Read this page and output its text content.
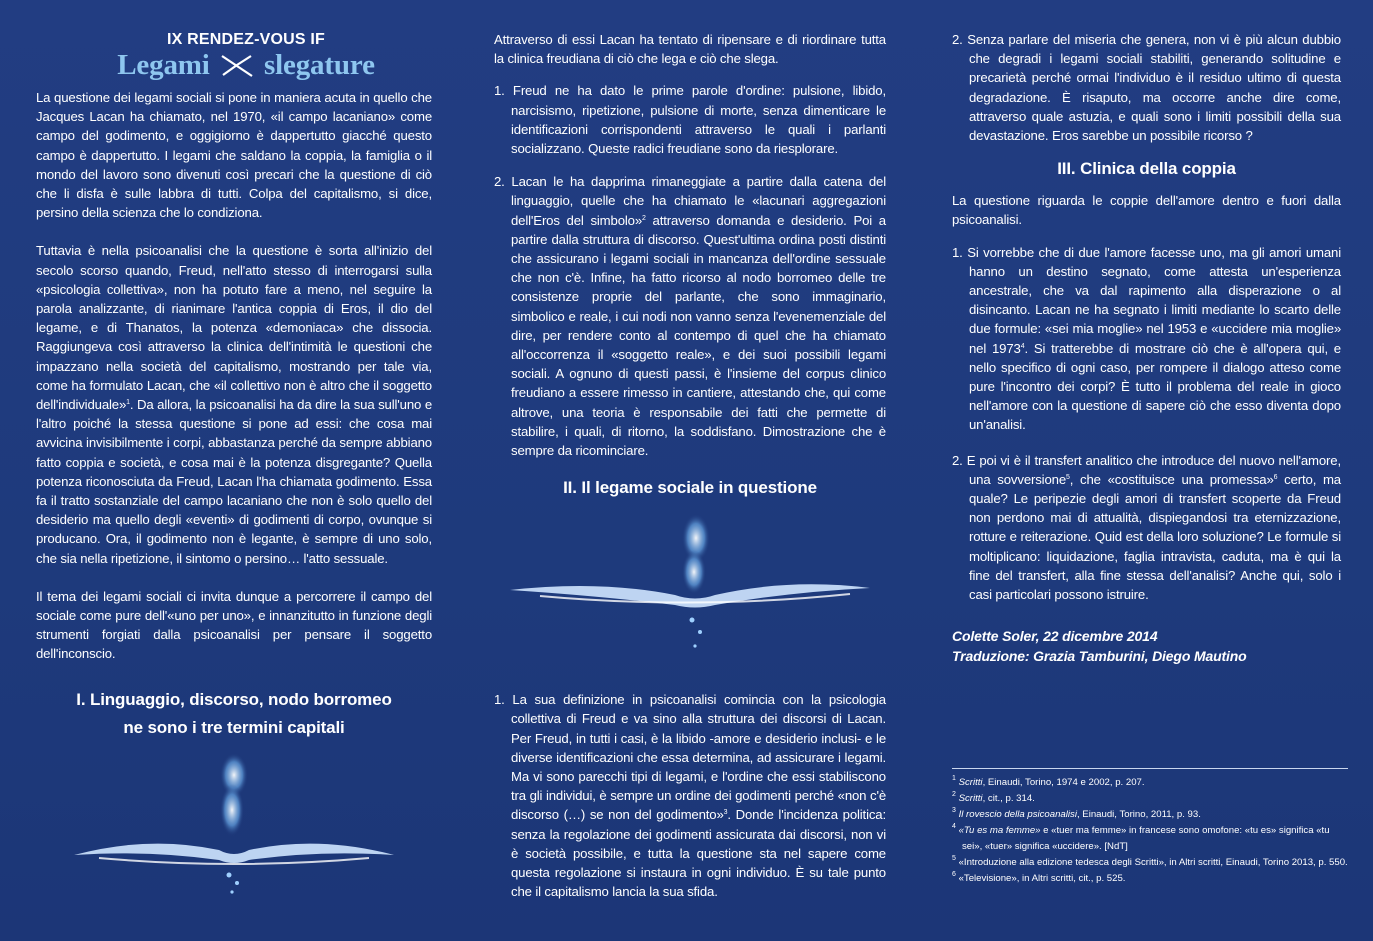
IX RENDEZ-VOUS IF
Legami slegature

La questione dei legami sociali si pone in maniera acuta in quello che Jacques Lacan ha chiamato, nel 1970, «il campo lacaniano» come campo del godimento, e oggigiorno è dappertutto giacché questo campo è dappertutto. I legami che saldano la coppia, la famiglia o il mondo del lavoro sono divenuti così precari che la questione di ciò che li disfa è sulle labbra di tutti. Colpa del capitalismo, si dice, persino della scienza che lo condiziona.

Tuttavia è nella psicoanalisi che la questione è sorta all'inizio del secolo scorso quando, Freud, nell'atto stesso di interrogarsi sulla «psicologia collettiva», non ha potuto fare a meno, nel seguire la parola analizzante, di rianimare l'antica coppia di Eros, il dio del legame, e di Thanatos, la potenza «demoniaca» che dissocia. Raggiungeva così attraverso la clinica dell'intimità le questioni che impazzano nella società del capitalismo, mostrando per tale via, come ha formulato Lacan, che «il collettivo non è altro che il soggetto dell'individuale»$^1$. Da allora, la psicoanalisi ha da dire la sua sull'uno e l'altro poiché la stessa questione si pone ad essi: che cosa mai avvicina invisibilmente i corpi, abbastanza perché da sempre abbiano fatto coppia e società, e cosa mai è la potenza disgregante? Quella potenza riconosciuta da Freud, Lacan l'ha chiamata godimento. Essa fa il tratto sostanziale del campo lacaniano che non è solo quello del desiderio ma quello degli «eventi» di godimenti di corpo, ovunque si producano. Ora, il godimento non è legante, è sempre di uno solo, che sia nella ripetizione, il sintomo o persino… l'atto sessuale.

Il tema dei legami sociali ci invita dunque a percorrere il campo del sociale come pure dell'«uno per uno», e innanzitutto in funzione degli strumenti forgiati dalla psicoanalisi per pensare il soggetto dell'inconscio.

I. Linguaggio, discorso, nodo borromeo
ne sono i tre termini capitali

Attraverso di essi Lacan ha tentato di ripensare e di riordinare tutta la clinica freudiana di ciò che lega e ciò che slega.

1. Freud ne ha dato le prime parole d'ordine: pulsione, libido, narcisismo, ripetizione, pulsione di morte, senza dimenticare le identificazioni corrispondenti attraverso le quali i parlanti socializzano. Queste radici freudiane sono da riesplorare.
2. Lacan le ha dapprima rimaneggiate a partire dalla catena del linguaggio, quelle che ha chiamato le «lacunari aggregazioni dell'Eros del simbolo»$^2$ attraverso domanda e desiderio. Poi a partire dalla struttura di discorso. Quest'ultima ordina posti distinti che assicurano i legami sociali in mancanza dell'ordine sessuale che non c'è. Infine, ha fatto ricorso al nodo borromeo delle tre consistenze proprie del parlante, che sono immaginario, simbolico e reale, i cui nodi non vanno senza l'evenemenziale del dire, per rendere conto al contempo di quel che ha chiamato all'occorrenza il «soggetto reale», e dei suoi possibili legami sociali. A ognuno di questi passi, è l'insieme del corpus clinico freudiano a essere rimesso in cantiere, attestando che, qui come altrove, una teoria è responsabile dei fatti che permette di stabilire, i quali, di ritorno, la soddisfano. Dimostrazione che è sempre da ricominciare.
II. Il legame sociale in questione
1. La sua definizione in psicoanalisi comincia con la psicologia collettiva di Freud e va sino alla struttura dei discorsi di Lacan. Per Freud, in tutti i casi, è la libido -amore e desiderio inclusi- e le diverse identificazioni che essa determina, ad assicurare i legami. Ma vi sono parecchi tipi di legami, e l'ordine che essi stabiliscono tra gli individui, è sempre un ordine dei godimenti perché «non c'è discorso (…) se non del godimento»$^3$. Donde l'incidenza politica: senza la regolazione dei godimenti assicurata dai discorsi, non vi è società possibile, e tutta la questione sta nel sapere come questa regolazione si instaura in ogni individuo. È su tale punto che il capitalismo lancia la sua sfida.
2. Senza parlare del miseria che genera, non vi è più alcun dubbio che degradi i legami sociali stabiliti, generando solitudine e precarietà perché ormai l'individuo è il residuo ultimo di questa degradazione. È risaputo, ma occorre anche dire come, attraverso quale astuzia, e quali sono i limiti possibili della sua devastazione. Eros sarebbe un possibile ricorso ?
III. Clinica della coppia

La questione riguarda le coppie dell'amore dentro e fuori dalla psicoanalisi.

1. Si vorrebbe che di due l'amore facesse uno, ma gli amori umani hanno un destino segnato, come attesta un'esperienza ancestrale, che va dal rapimento alla disperazione o al disincanto. Lacan ne ha segnato i limiti mediante lo scarto delle due formule: «sei mia moglie» nel 1953 e «uccidere mia moglie» nel 1973$^4$. Si tratterebbe di mostrare ciò che è all'opera qui, e nello specifico di ogni caso, per rompere il dialogo atteso come pure l'incontro dei corpi? È tutto il problema del reale in gioco nell'amore con la questione di sapere ciò che esso diventa dopo un'analisi.
2. E poi vi è il transfert analitico che introduce del nuovo nell'amore, una sovversione$^5$, che «costituisce una promessa»$^6$ certo, ma quale? Le peripezie degli amori di transfert scoperte da Freud non perdono mai di attualità, dispiegandosi tra eternizzazione, rotture e reiterazione. Quid est della loro soluzione? Le formule si moltiplicano: liquidazione, faglia intravista, caduta, ma è qui la fine del transfert, alla fine stessa dell'analisi? Anche qui, solo i casi particolari possono istruire.
Colette Soler, 22 dicembre 2014
Traduzione: Grazia Tamburini, Diego Mautino
$^1$ Scritti, Einaudi, Torino, 1974 e 2002, p. 207.
$^2$ Scritti, cit., p. 314.
$^3$ Il rovescio della psicoanalisi, Einaudi, Torino, 2011, p. 93.
$^4$ «Tu es ma femme» e «tuer ma femme» in francese sono omofone: «tu es» significa «tu sei», «tuer» significa «uccidere». [NdT]
$^5$ «Introduzione alla edizione tedesca degli Scritti», in Altri scritti, Einaudi, Torino 2013, p. 550.
$^6$ «Televisione», in Altri scritti, cit., p. 525.
